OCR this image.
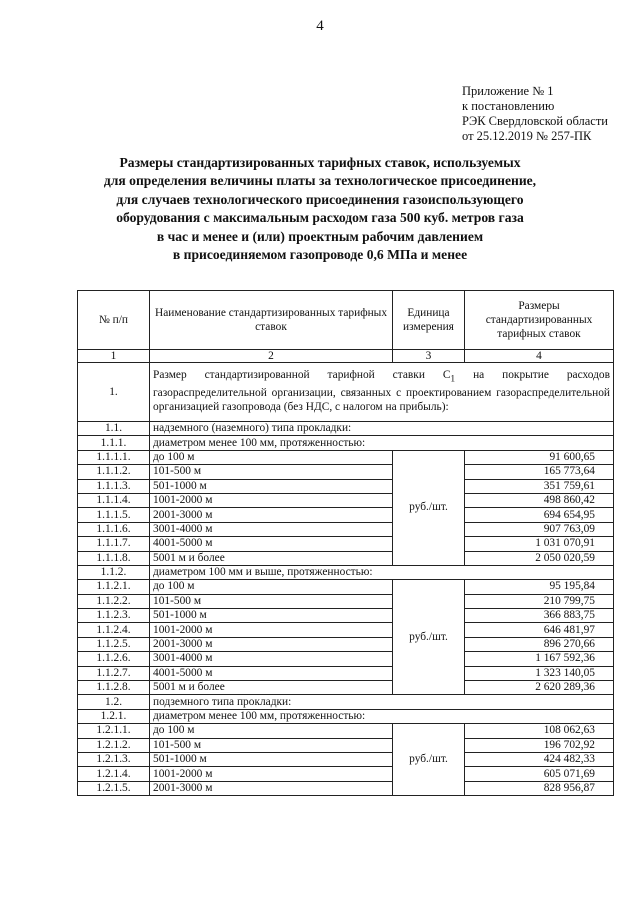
4
Приложение № 1
к постановлению
РЭК Свердловской области
от 25.12.2019 № 257-ПК
Размеры стандартизированных тарифных ставок, используемых
для определения величины платы за технологическое присоединение,
для случаев технологического присоединения газоиспользующего
оборудования с максимальным расходом газа 500 куб. метров газа
в час и менее и (или) проектным рабочим давлением
в присоединяемом газопроводе 0,6 МПа и менее
№ п/п	Наименование стандартизированных тарифных ставок	Единица измерения	Размеры стандартизированных тарифных ставок
1	2	3	4
1.	Размер стандартизированной тарифной ставки $С_1$ на покрытие расходов газораспределительной организации, связанных с проектированием газораспределительной организацией газопровода (без НДС, с налогом на прибыль):		
1.1.	надземного (наземного) типа прокладки:		
1.1.1.	диаметром менее 100 мм, протяженностью:		
1.1.1.1.	до 100 м	руб./шт.	91 600,65
1.1.1.2.	101-500 м		165 773,64
1.1.1.3.	501-1000 м		351 759,61
1.1.1.4.	1001-2000 м		498 860,42
1.1.1.5.	2001-3000 м		694 654,95
1.1.1.6.	3001-4000 м		907 763,09
1.1.1.7.	4001-5000 м		1 031 070,91
1.1.1.8.	5001 м и более		2 050 020,59
1.1.2.	диаметром 100 мм и выше, протяженностью:		
1.1.2.1.	до 100 м	руб./шт.	95 195,84
1.1.2.2.	101-500 м		210 799,75
1.1.2.3.	501-1000 м		366 883,75
1.1.2.4.	1001-2000 м		646 481,97
1.1.2.5.	2001-3000 м		896 270,66
1.1.2.6.	3001-4000 м		1 167 592,36
1.1.2.7.	4001-5000 м		1 323 140,05
1.1.2.8.	5001 м и более		2 620 289,36
1.2.	подземного типа прокладки:		
1.2.1.	диаметром менее 100 мм, протяженностью:		
1.2.1.1.	до 100 м	руб./шт.	108 062,63
1.2.1.2.	101-500 м		196 702,92
1.2.1.3.	501-1000 м		424 482,33
1.2.1.4.	1001-2000 м		605 071,69
1.2.1.5.	2001-3000 м		828 956,87
